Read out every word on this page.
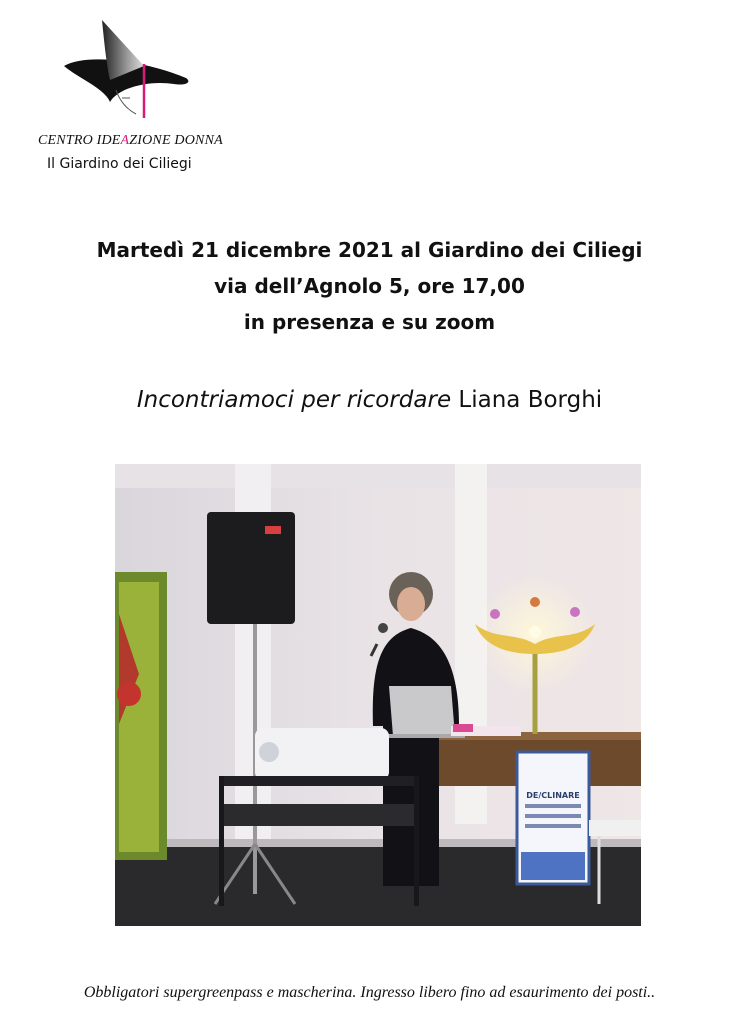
CENTRO IDEAZIONE DONNA
Il Giardino dei Ciliegi
Martedì 21 dicembre 2021 al Giardino dei Ciliegi
via dell’Agnolo 5, ore 17,00
in presenza e su zoom
Incontriamoci per ricordare Liana Borghi
DE/CLINARE
Obbligatori supergreenpass e mascherina. Ingresso libero fino ad esaurimento dei posti..
